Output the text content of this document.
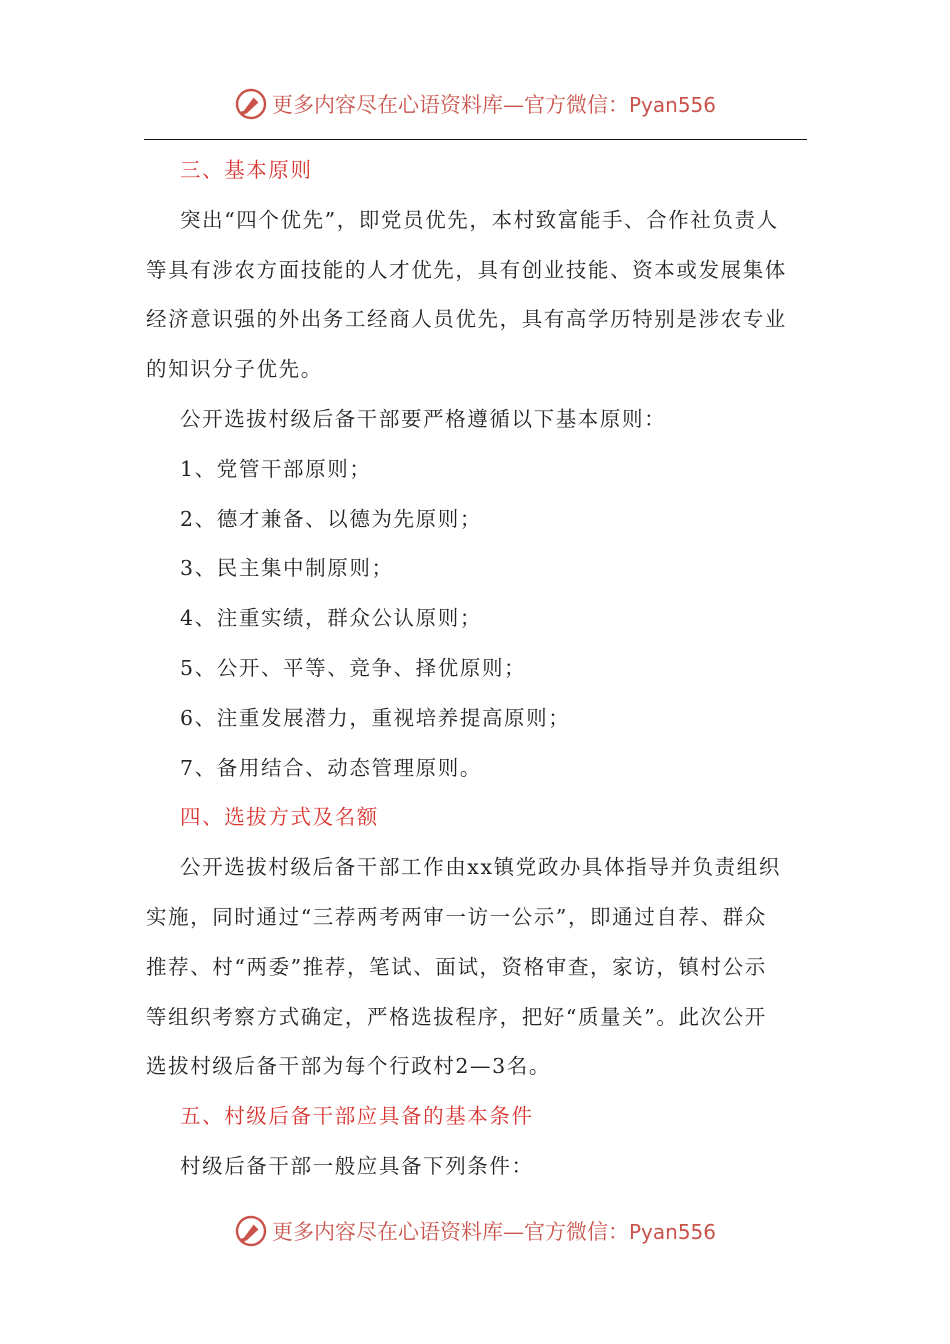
更多内容尽在心语资料库—官方微信：Pyan556
三、基本原则
突出“四个优先”，即党员优先，本村致富能手、合作社负责人
等具有涉农方面技能的人才优先，具有创业技能、资本或发展集体
经济意识强的外出务工经商人员优先，具有高学历特别是涉农专业
的知识分子优先。
公开选拔村级后备干部要严格遵循以下基本原则：
1、党管干部原则；
2、德才兼备、以德为先原则；
3、民主集中制原则；
4、注重实绩，群众公认原则；
5、公开、平等、竞争、择优原则；
6、注重发展潜力，重视培养提高原则；
7、备用结合、动态管理原则。
四、选拔方式及名额
公开选拔村级后备干部工作由xx镇党政办具体指导并负责组织
实施，同时通过“三荐两考两审一访一公示”，即通过自荐、群众
推荐、村“两委”推荐，笔试、面试，资格审查，家访，镇村公示
等组织考察方式确定，严格选拔程序，把好“质量关”。此次公开
选拔村级后备干部为每个行政村2—3名。
五、村级后备干部应具备的基本条件
村级后备干部一般应具备下列条件：
更多内容尽在心语资料库—官方微信：Pyan556
